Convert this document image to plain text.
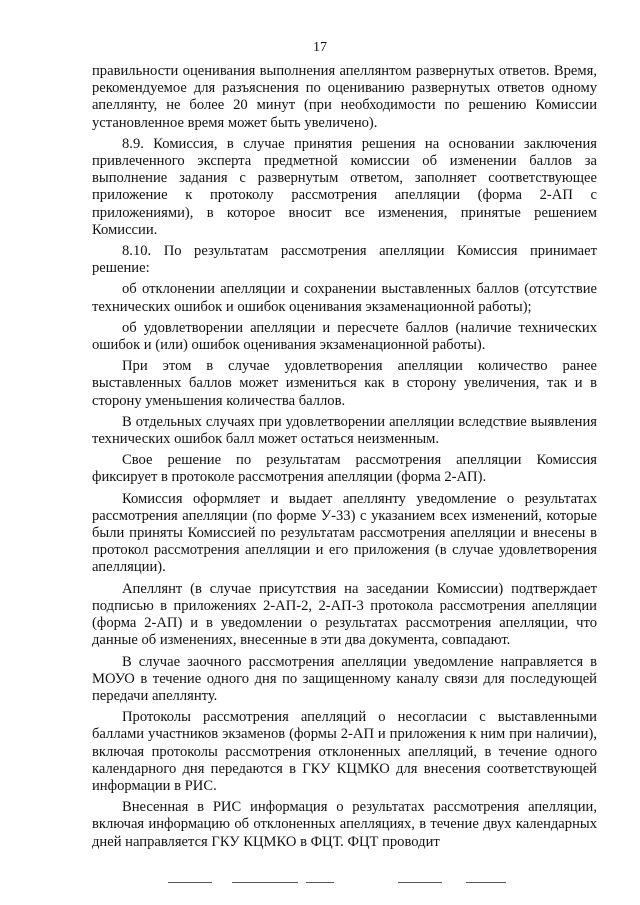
17

правильности оценивания выполнения апеллянтом развернутых ответов. Время, рекомендуемое для разъяснения по оцениванию развернутых ответов одному апеллянту, не более 20 минут (при необходимости по решению Комиссии установленное время может быть увеличено).

8.9. Комиссия, в случае принятия решения на основании заключения привлеченного эксперта предметной комиссии об изменении баллов за выполнение задания с развернутым ответом, заполняет соответствующее приложение к протоколу рассмотрения апелляции (форма 2-АП с приложениями), в которое вносит все изменения, принятые решением Комиссии.

8.10. По результатам рассмотрения апелляции Комиссия принимает решение:

об отклонении апелляции и сохранении выставленных баллов (отсутствие технических ошибок и ошибок оценивания экзаменационной работы);

об удовлетворении апелляции и пересчете баллов (наличие технических ошибок и (или) ошибок оценивания экзаменационной работы).

При этом в случае удовлетворения апелляции количество ранее выставленных баллов может измениться как в сторону увеличения, так и в сторону уменьшения количества баллов.

В отдельных случаях при удовлетворении апелляции вследствие выявления технических ошибок балл может остаться неизменным.

Свое решение по результатам рассмотрения апелляции Комиссия фиксирует в протоколе рассмотрения апелляции (форма 2-АП).

Комиссия оформляет и выдает апеллянту уведомление о результатах рассмотрения апелляции (по форме У-33) с указанием всех изменений, которые были приняты Комиссией по результатам рассмотрения апелляции и внесены в протокол рассмотрения апелляции и его приложения (в случае удовлетворения апелляции).

Апеллянт (в случае присутствия на заседании Комиссии) подтверждает подписью в приложениях 2-АП-2, 2-АП-3 протокола рассмотрения апелляции (форма 2-АП) и в уведомлении о результатах рассмотрения апелляции, что данные об изменениях, внесенные в эти два документа, совпадают.

В случае заочного рассмотрения апелляции уведомление направляется в МОУО в течение одного дня по защищенному каналу связи для последующей передачи апеллянту.

Протоколы рассмотрения апелляций о несогласии с выставленными баллами участников экзаменов (формы 2-АП и приложения к ним при наличии), включая протоколы рассмотрения отклоненных апелляций, в течение одного календарного дня передаются в ГКУ КЦМКО для внесения соответствующей информации в РИС.

Внесенная в РИС информация о результатах рассмотрения апелляции, включая информацию об отклоненных апелляциях, в течение двух календарных дней направляется ГКУ КЦМКО в ФЦТ. ФЦТ проводит
